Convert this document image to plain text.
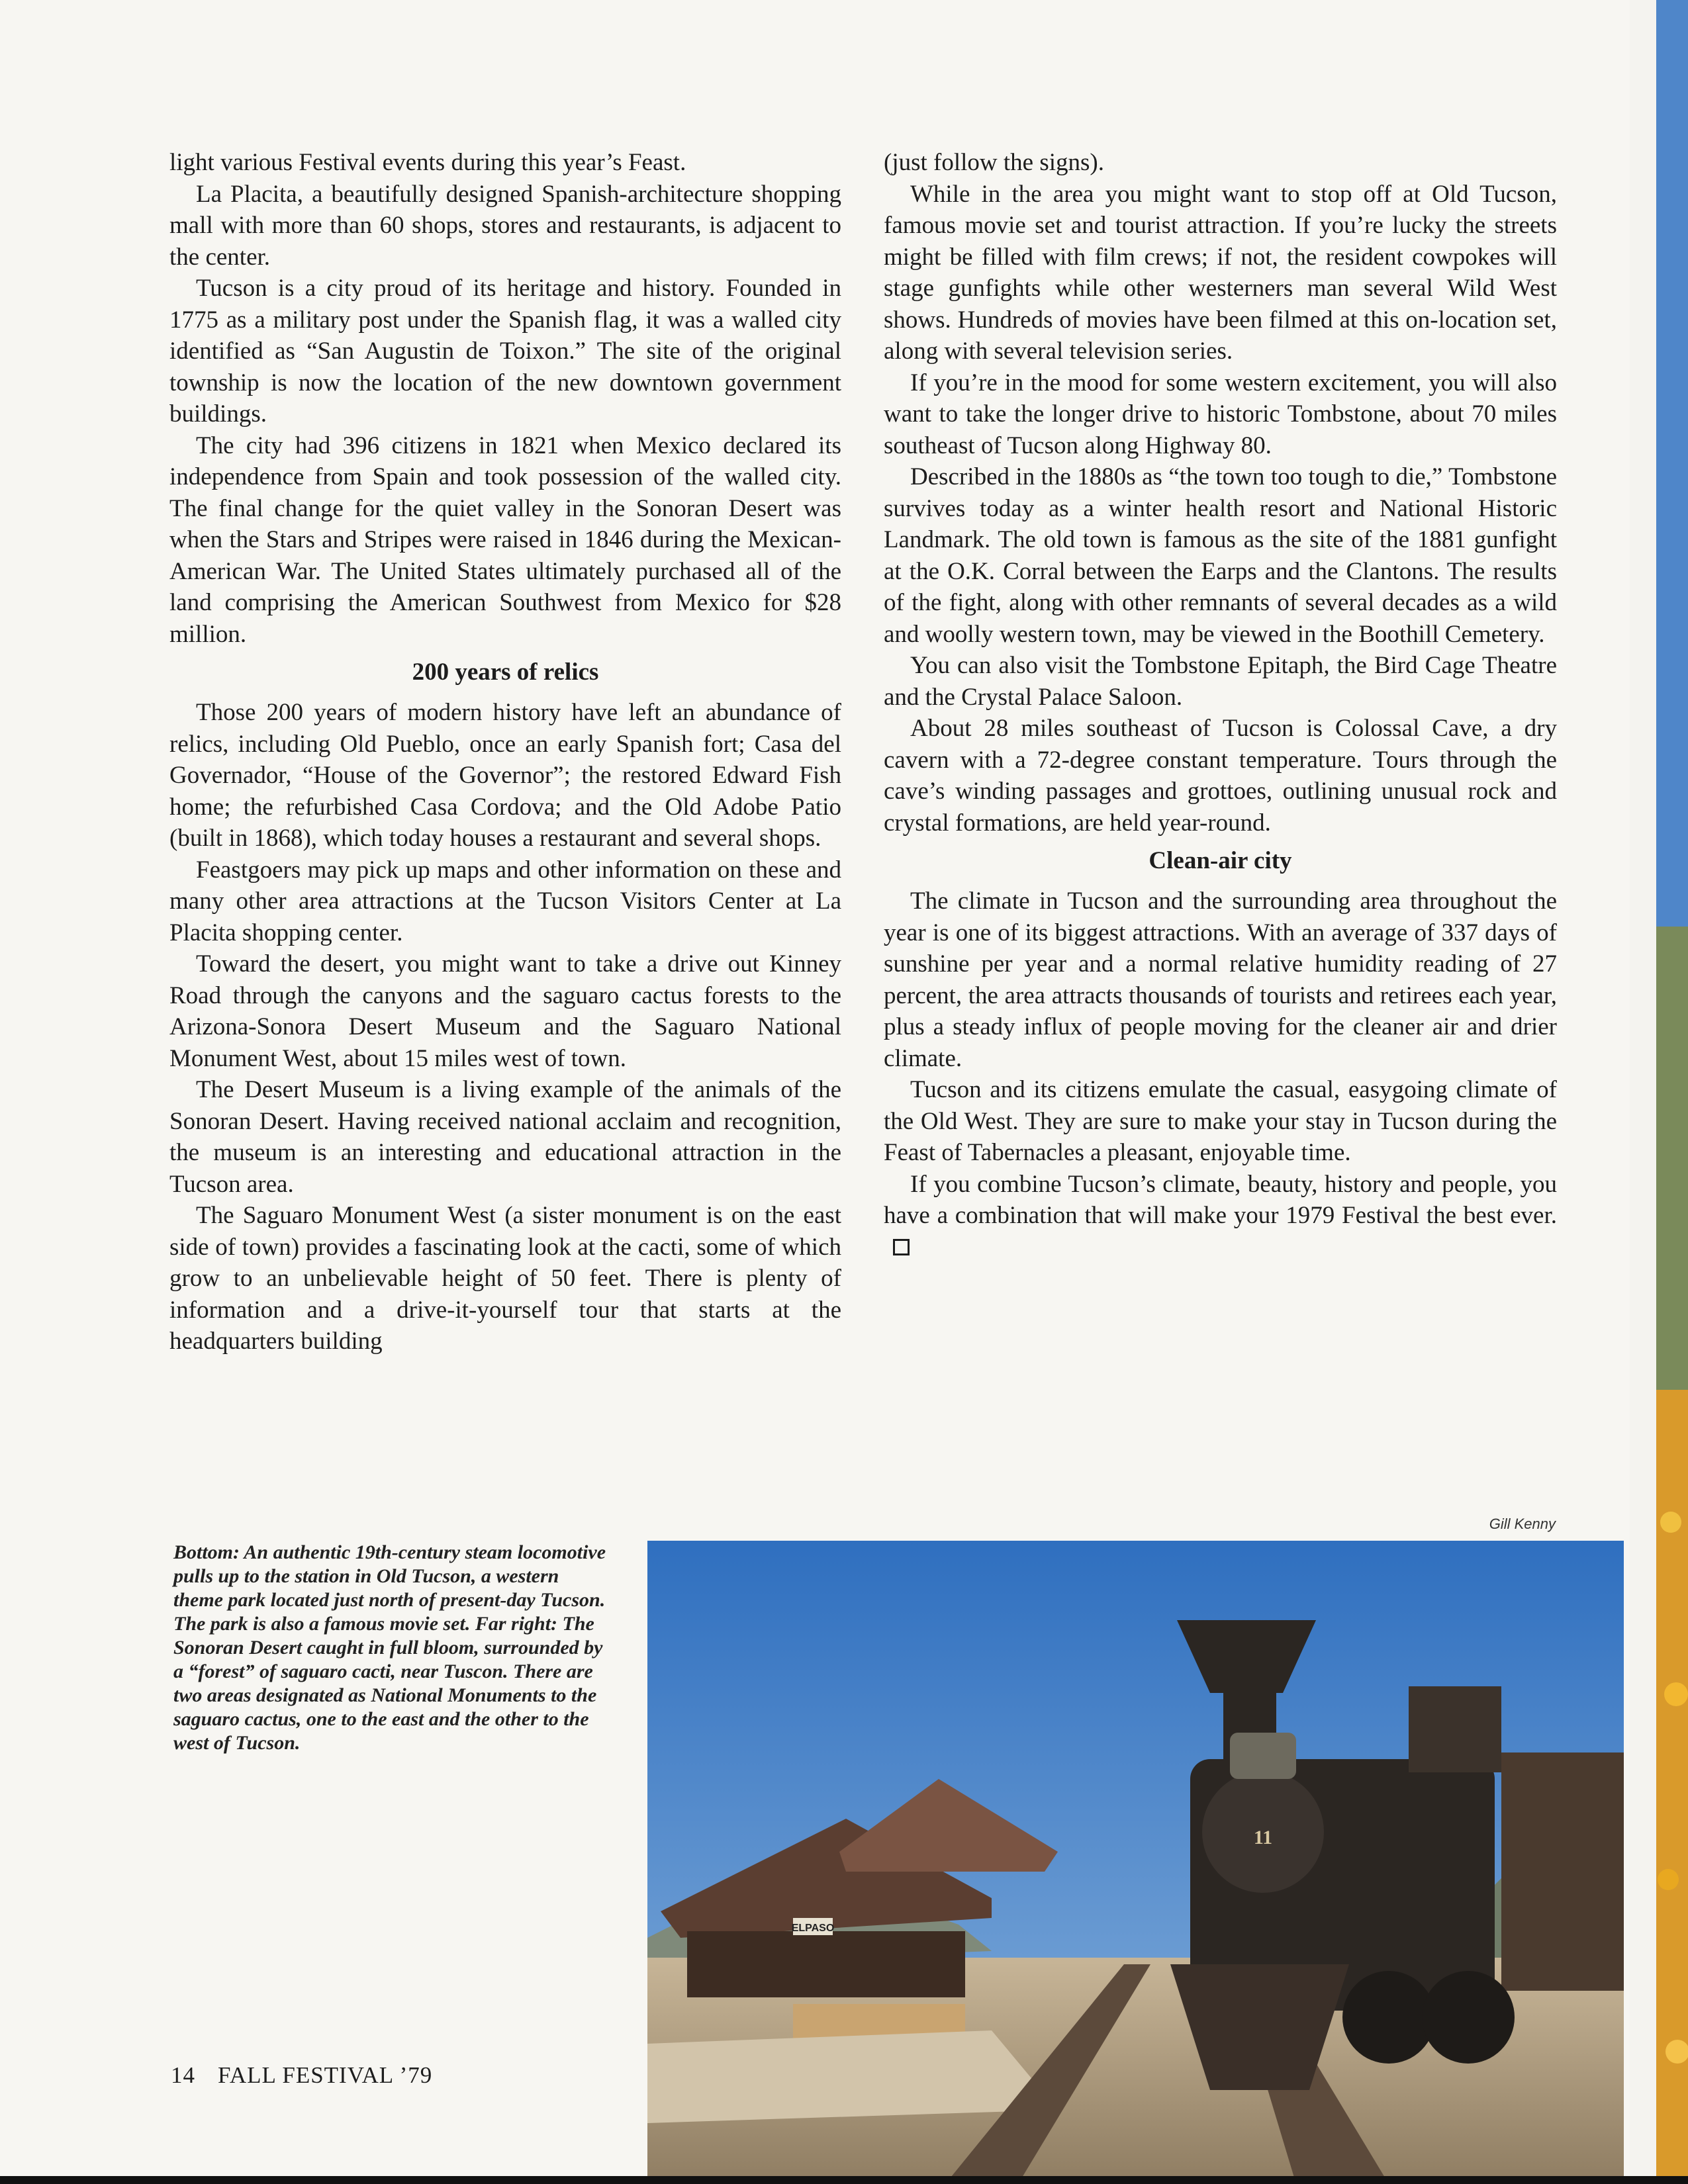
light various Festival events during this year’s Feast.

La Placita, a beautifully designed Spanish-architecture shopping mall with more than 60 shops, stores and restaurants, is adjacent to the center.

Tucson is a city proud of its heritage and history. Founded in 1775 as a military post under the Spanish flag, it was a walled city identified as “San Augustin de Toixon.” The site of the original township is now the location of the new downtown government buildings.

The city had 396 citizens in 1821 when Mexico declared its independence from Spain and took possession of the walled city. The final change for the quiet valley in the Sonoran Desert was when the Stars and Stripes were raised in 1846 during the Mexican-American War. The United States ultimately purchased all of the land comprising the American Southwest from Mexico for $28 million.

200 years of relics

Those 200 years of modern history have left an abundance of relics, including Old Pueblo, once an early Spanish fort; Casa del Governador, “House of the Governor”; the restored Edward Fish home; the refurbished Casa Cordova; and the Old Adobe Patio (built in 1868), which today houses a restaurant and several shops.

Feastgoers may pick up maps and other information on these and many other area attractions at the Tucson Visitors Center at La Placita shopping center.

Toward the desert, you might want to take a drive out Kinney Road through the canyons and the saguaro cactus forests to the Arizona-Sonora Desert Museum and the Saguaro National Monument West, about 15 miles west of town.

The Desert Museum is a living example of the animals of the Sonoran Desert. Having received national acclaim and recognition, the museum is an interesting and educational attraction in the Tucson area.

The Saguaro Monument West (a sister monument is on the east side of town) provides a fascinating look at the cacti, some of which grow to an unbelievable height of 50 feet. There is plenty of information and a drive-it-yourself tour that starts at the headquarters building

(just follow the signs).

While in the area you might want to stop off at Old Tucson, famous movie set and tourist attraction. If you’re lucky the streets might be filled with film crews; if not, the resident cowpokes will stage gunfights while other westerners man several Wild West shows. Hundreds of movies have been filmed at this on-location set, along with several television series.

If you’re in the mood for some western excitement, you will also want to take the longer drive to historic Tombstone, about 70 miles southeast of Tucson along Highway 80.

Described in the 1880s as “the town too tough to die,” Tombstone survives today as a winter health resort and National Historic Landmark. The old town is famous as the site of the 1881 gunfight at the O.K. Corral between the Earps and the Clantons. The results of the fight, along with other remnants of several decades as a wild and woolly western town, may be viewed in the Boothill Cemetery.

You can also visit the Tombstone Epitaph, the Bird Cage Theatre and the Crystal Palace Saloon.

About 28 miles southeast of Tucson is Colossal Cave, a dry cavern with a 72-degree constant temperature. Tours through the cave’s winding passages and grottoes, outlining unusual rock and crystal formations, are held year-round.

Clean-air city

The climate in Tucson and the surrounding area throughout the year is one of its biggest attractions. With an average of 337 days of sunshine per year and a normal relative humidity reading of 27 percent, the area attracts thousands of tourists and retirees each year, plus a steady influx of people moving for the cleaner air and drier climate.

Tucson and its citizens emulate the casual, easygoing climate of the Old West. They are sure to make your stay in Tucson during the Feast of Tabernacles a pleasant, enjoyable time.

If you combine Tucson’s climate, beauty, history and people, you have a combination that will make your 1979 Festival the best ever.

Gill Kenny
Bottom: An authentic 19th-century steam locomotive pulls up to the station in Old Tucson, a western theme park located just north of present-day Tucson. The park is also a famous movie set. Far right: The Sonoran Desert caught in full bloom, surrounded by a “forest” of saguaro cacti, near Tuscon. There are two areas designated as National Monuments to the saguaro cactus, one to the east and the other to the west of Tucson.
ELPASO
11
14 FALL FESTIVAL ’79
